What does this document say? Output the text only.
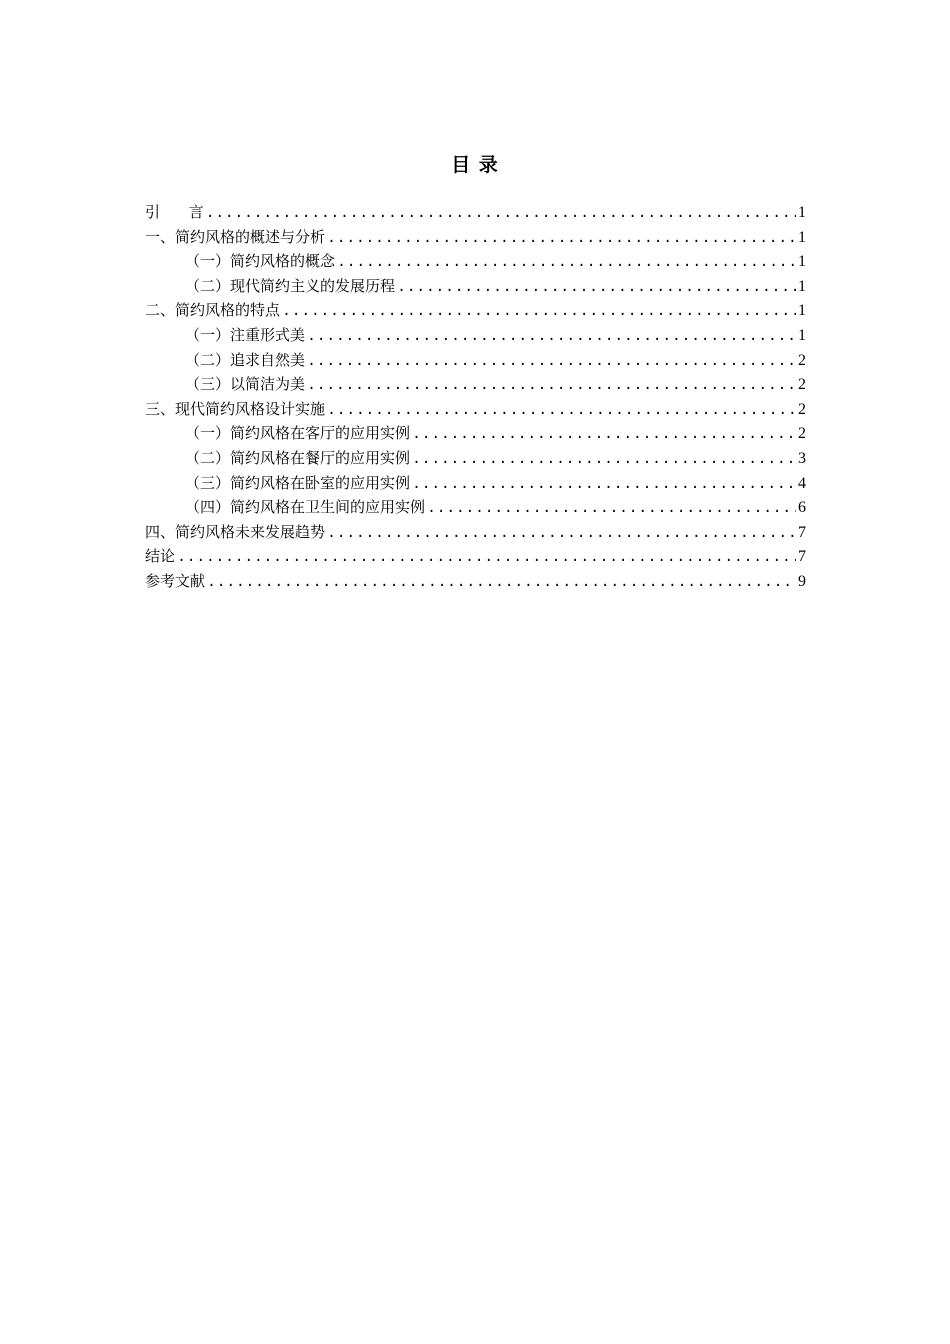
目 录
引      言 .....	1
一、简约风格的概述与分析 .....	1
（一）简约风格的概念 .....	1
（二）现代简约主义的发展历程 .....	1
二、简约风格的特点 .....	1
（一）注重形式美 .....	1
（二）追求自然美 .....	2
（三）以简洁为美 .....	2
三、现代简约风格设计实施 .....	2
（一）简约风格在客厅的应用实例 .....	2
（二）简约风格在餐厅的应用实例 .....	3
（三）简约风格在卧室的应用实例 .....	4
（四）简约风格在卫生间的应用实例 .....	6
四、简约风格未来发展趋势 .....	7
结论 .....	7
参考文献 .....	9
